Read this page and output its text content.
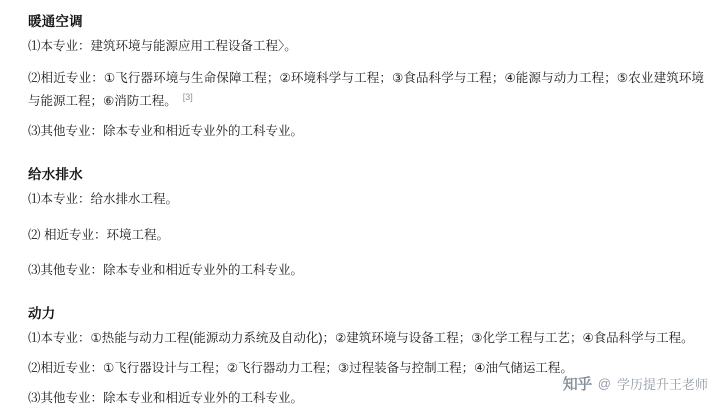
暖通空调

⑴本专业：建筑环境与能源应用工程设备工程〉。

⑵相近专业：①飞行器环境与生命保障工程；②环境科学与工程；③食品科学与工程；④能源与动力工程；⑤农业建筑环境与能源工程；⑥消防工程。 [3]

⑶其他专业：除本专业和相近专业外的工科专业。

给水排水

⑴本专业：给水排水工程。

⑵ 相近专业：环境工程。

⑶其他专业：除本专业和相近专业外的工科专业。

动力

⑴本专业：①热能与动力工程(能源动力系统及自动化)；②建筑环境与设备工程；③化学工程与工艺；④食品科学与工程。

⑵相近专业：①飞行器设计与工程；②飞行器动力工程；③过程装备与控制工程；④油气储运工程。

⑶其他专业：除本专业和相近专业外的工科专业。

知乎 @ 学历提升王老师
